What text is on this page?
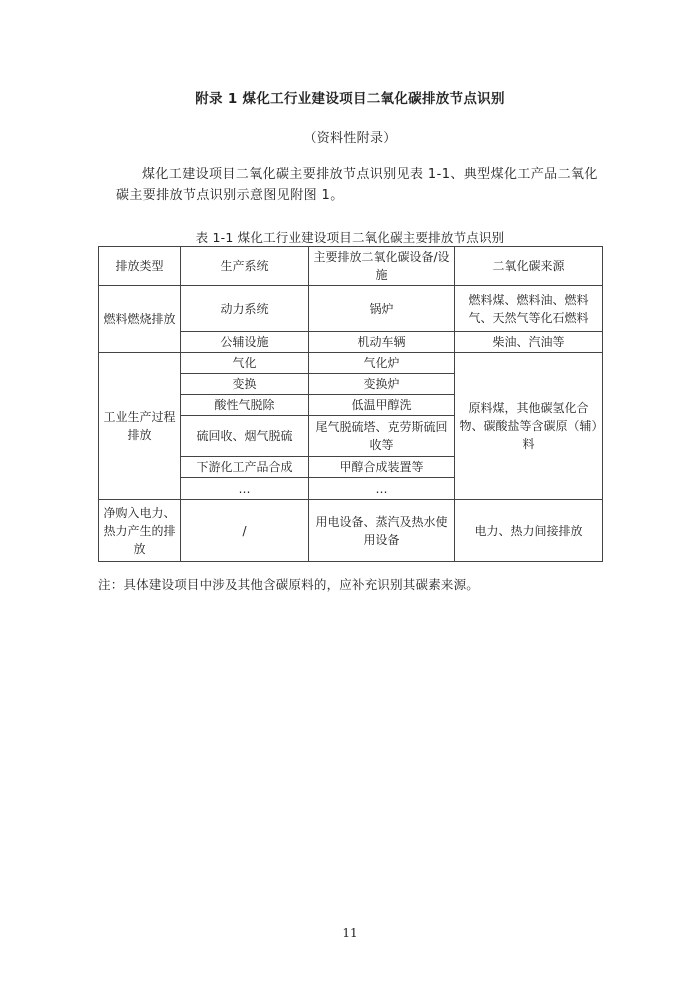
附录 1 煤化工行业建设项目二氧化碳排放节点识别
（资料性附录）

煤化工建设项目二氧化碳主要排放节点识别见表 1-1、典型煤化工产品二氧化碳主要排放节点识别示意图见附图 1。

表 1-1 煤化工行业建设项目二氧化碳主要排放节点识别
排放类型	生产系统	主要排放二氧化碳设备/设施	二氧化碳来源
燃料燃烧排放	动力系统	锅炉	燃料煤、燃料油、燃料气、天然气等化石燃料
	公辅设施	机动车辆	柴油、汽油等
工业生产过程排放	气化	气化炉	原料煤，其他碳氢化合物、碳酸盐等含碳原（辅）料
	变换	变换炉	
	酸性气脱除	低温甲醇洗	
	硫回收、烟气脱硫	尾气脱硫塔、克劳斯硫回收等	
	下游化工产品合成	甲醇合成装置等	
	…	…	
净购入电力、热力产生的排放	/	用电设备、蒸汽及热水使用设备	电力、热力间接排放
注：具体建设项目中涉及其他含碳原料的，应补充识别其碳素来源。
11
